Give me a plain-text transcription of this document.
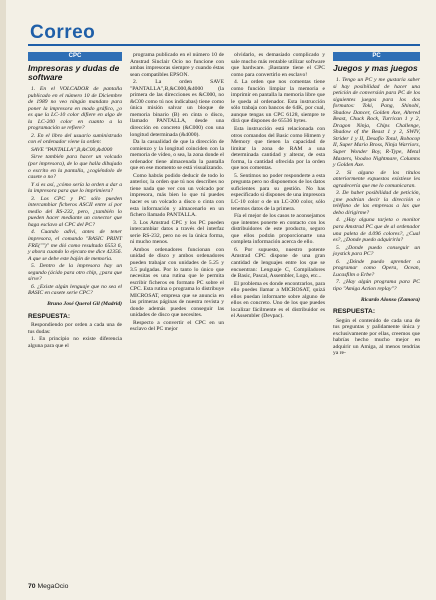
Correo
CPC
Impresoras y dudas de software

1. En el VOLCADOR de pantalla publicado en el número 10 de Diciembre de 1989 no veo ningún mandato para poner la impresora en modo gráfico, ¿o es que la LC-10 color difiere en algo de la LC-200 color en cuanto a la programación se refiere?

2. En el libro del usuario suministrado con el ordenador viene la orden:

SAVE "PANTALLA",B,&C00,&4000

Sirve también para hacer un volcado (por impresora), de lo que halla dibujado o escrito en la pantalla, ¿cogiéndolo de casete o no?

Y si es así, ¿cómo sería la orden a dar a la impresora para que lo imprimiera?

3. Los CPC y PC sólo pueden intercambiar ficheros ASCII entre sí por medio del RS-232, pero, ¿también lo pueden hacer mediante un conector que haga esclavo al CPC del PC?

4. Cuando adivi, antes de tener impresora, el comando "BASIC PRINT FRE("")" me dió como resultado 6553 6, y ahora cuando lo ejecuto me dice 42356. A que se debe este bajón de memoria.

5. Dentro de la impresora hay un segundo (ácido para otro chip, ¿para que sirve?

6. ¿Existe algún lenguaje que no sea el BASIC en casete serie CPC?

Bruno José Querol Gil (Madrid)
RESPUESTA:

Respondiendo por orden a cada una de tus dudas:

1. En principio no existe diferencia alguna para que el

programa publicado en el número 10 de Amstrad Sinclair Ocio no funcione con ambas impresoras siempre y cuando éstas sean compatibles EPSON.

2. La orden SAVE "PANTALLA",B,&C000,&4000 (la primera de las direcciones es &C000, no &C00 como tú nos indicabas) tiene como única misión salvar un bloque de memoria binario (B) en cinta o disco, llamado PANTALLA, desde una dirección en concreto (&C000) con una longitud determinada (&4000).

Da la casualidad de que la dirección de comienzo y la longitud coinciden con la memoria de vídeo, o sea, la zona donde el ordenador tiene almacenada la pantalla que en ese momento se está visualizando.

Como habrás podido deducir de todo lo anterior, la orden que tú nos describes no tiene nada que ver con un volcado por impresora, más bien lo que tú puedes hacer es un volcado a disco o cinta con esta información y almacenarlo en un fichero llamado PANTALLA.

3. Los Amstrad CPC y los PC pueden intercambiar datos a través del interfaz serie RS-232, pero no es la única forma, ni mucho menos.

Ambos ordenadores funcionan con unidad de disco y ambos ordenadores pueden trabajar con unidades de 5.25 y 3.5 pulgadas. Por lo tanto lo único que necesitas es una rutina que le permita escribir ficheros en formato PC sobre el CPC. Esta rutina o programa lo distribuye MICROSAT, empresa que se anuncia en las primeras páginas de nuestra revista y donde además puedes conseguir las unidades de disco que necesites.

Respecto a convertir el CPC en un esclavo del PC mejor

olvidarlo, es demasiado complicado y sale mucho más rentable utilizar software que hardware. ¡Bastante tiene el CPC como para convertirlo en esclavo!

4. La orden que nos comentas tiene como función limpiar la memoria e imprimir en pantalla la memoria libre que le queda al ordenador. Esta instrucción sólo trabaja con bancos de 64K, por cual, aunque tengas un CPC 6128, siempre te dirá que dispones de 65536 bytes.

Esta instrucción está relacionada con otros comandos del Basic como Himem y Memory que tienen la capacidad de limitar la zona de RAM a una determinada cantidad y alterar, de esta forma, la cantidad ofrecida por la orden que nos comentas.

5. Sentimos no poder responderte a esta pregunta pero no disponemos de los datos suficientes para su gestión. No has especificado si dispones de una impresora LC-10 color o de un LC-200 color, sólo tenemos datos de la primera.

Fía el mejor de los casos te aconsejamos que intentes ponerte en contacto con los distribuidores de este producto, seguro que ellos podrán proporcionarte una completa información acerca de ello.

6. Por supuesto, nuestro potente Amstrad CPC dispone de una gran cantidad de lenguajes entre los que se encuentran: Lenguaje C, Compiladores de Basic, Pascal, Assembler, Logo, etc...

El problema es donde encontrarlos, para ello puedes llamar a MICROSAT, quizá ellos puedan informarte sobre alguno de ellos en concreto. Uno de los que puedes localizar fácilmente es el distribuidor es el Assembler (Devpac).

PC
Juegos y mas juegos

1. Tengo un PC y me gustaría saber si hay posibilidad de hacer una petición de conversión para PC de los siguientes juegos para los dos formatos: Toki, Pang, Shinobi, Shadow Dancer, Golden Axe, Altered Beast, Chuck Rock, Turrican 1 y 2, Dragon Ninja, Chips Challenge, Shadow of the Beast 1 y 2, SWIV, Strider 1 y II, Desafío Total, Robocop II, Super Mario Bross, Ninja Warriors, Super Wonder Boy, R-Type, Metal Masters, Voodoo Nightmare, Columns y Golden Axe.

2. Si alguno de los títulos anteriormente expuestos existiese les agradecería que me lo comunicaran.

3. De haber posibilidad de petición, ¿me podrían decir la dirección o teléfono de las empresas a las que debo dirigirme?

4. ¿Hay alguna tarjeta o monitor para Amstrad PC que de al ordenador una paleta de 4.096 colores?, ¿Cual es?, ¿Donde puedo adquirirla?

5. ¿Donde puedo conseguir un joystick para PC?

6. ¿Dónde puedo aprender a programar como Opera, Ocean, Lucasfilm o Erbe?

7. ¿Hay algún programa para PC tipo "Amiga Action replay"?

Ricardo Alonso (Zamora)
RESPUESTA:

Según el contenido de cada una de tus preguntas y palidamente única y exclusivamente por ellas, creemos que habrías hecho mucho mejor en adquirir un Amiga, al menos tendrías ya re-

70 MegaOcio
